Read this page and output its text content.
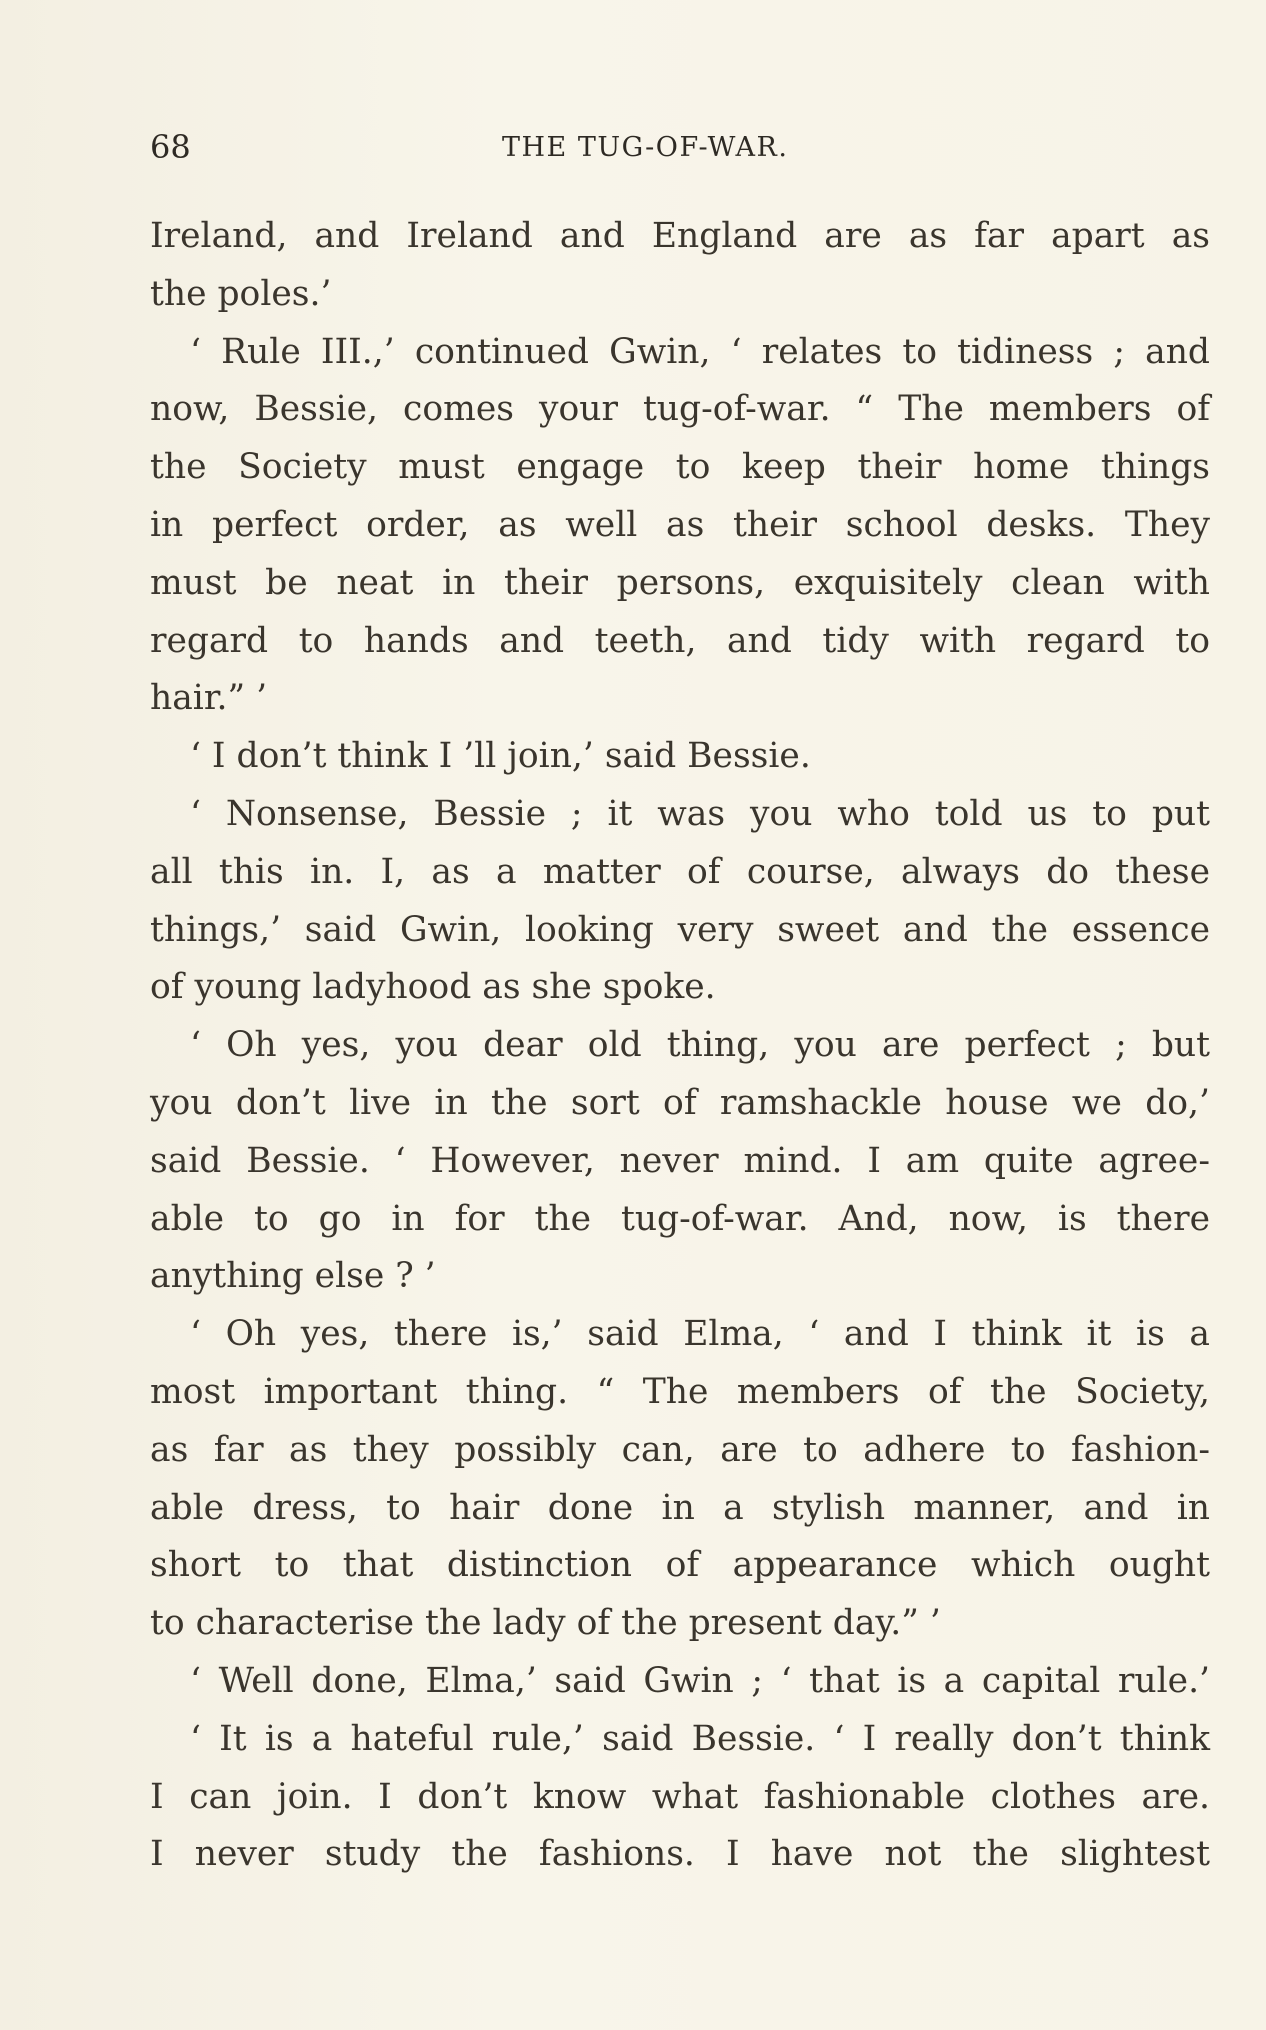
68	THE TUG-OF-WAR.
Ireland, and Ireland and England are as far apart as
the poles.’
‘ Rule III.,’ continued Gwin, ‘ relates to tidiness ; and
now, Bessie, comes your tug-of-war. “ The members of
the Society must engage to keep their home things
in perfect order, as well as their school desks. They
must be neat in their persons, exquisitely clean with
regard to hands and teeth, and tidy with regard to
hair.” ’
‘ I don’t think I ’ll join,’ said Bessie.
‘ Nonsense, Bessie ; it was you who told us to put
all this in. I, as a matter of course, always do these
things,’ said Gwin, looking very sweet and the essence
of young ladyhood as she spoke.
‘ Oh yes, you dear old thing, you are perfect ; but
you don’t live in the sort of ramshackle house we do,’
said Bessie. ‘ However, never mind. I am quite agree-
able to go in for the tug-of-war. And, now, is there
anything else ? ’
‘ Oh yes, there is,’ said Elma, ‘ and I think it is a
most important thing. “ The members of the Society,
as far as they possibly can, are to adhere to fashion-
able dress, to hair done in a stylish manner, and in
short to that distinction of appearance which ought
to characterise the lady of the present day.” ’
‘ Well done, Elma,’ said Gwin ; ‘ that is a capital rule.’
‘ It is a hateful rule,’ said Bessie. ‘ I really don’t think
I can join. I don’t know what fashionable clothes are.
I never study the fashions. I have not the slightest
